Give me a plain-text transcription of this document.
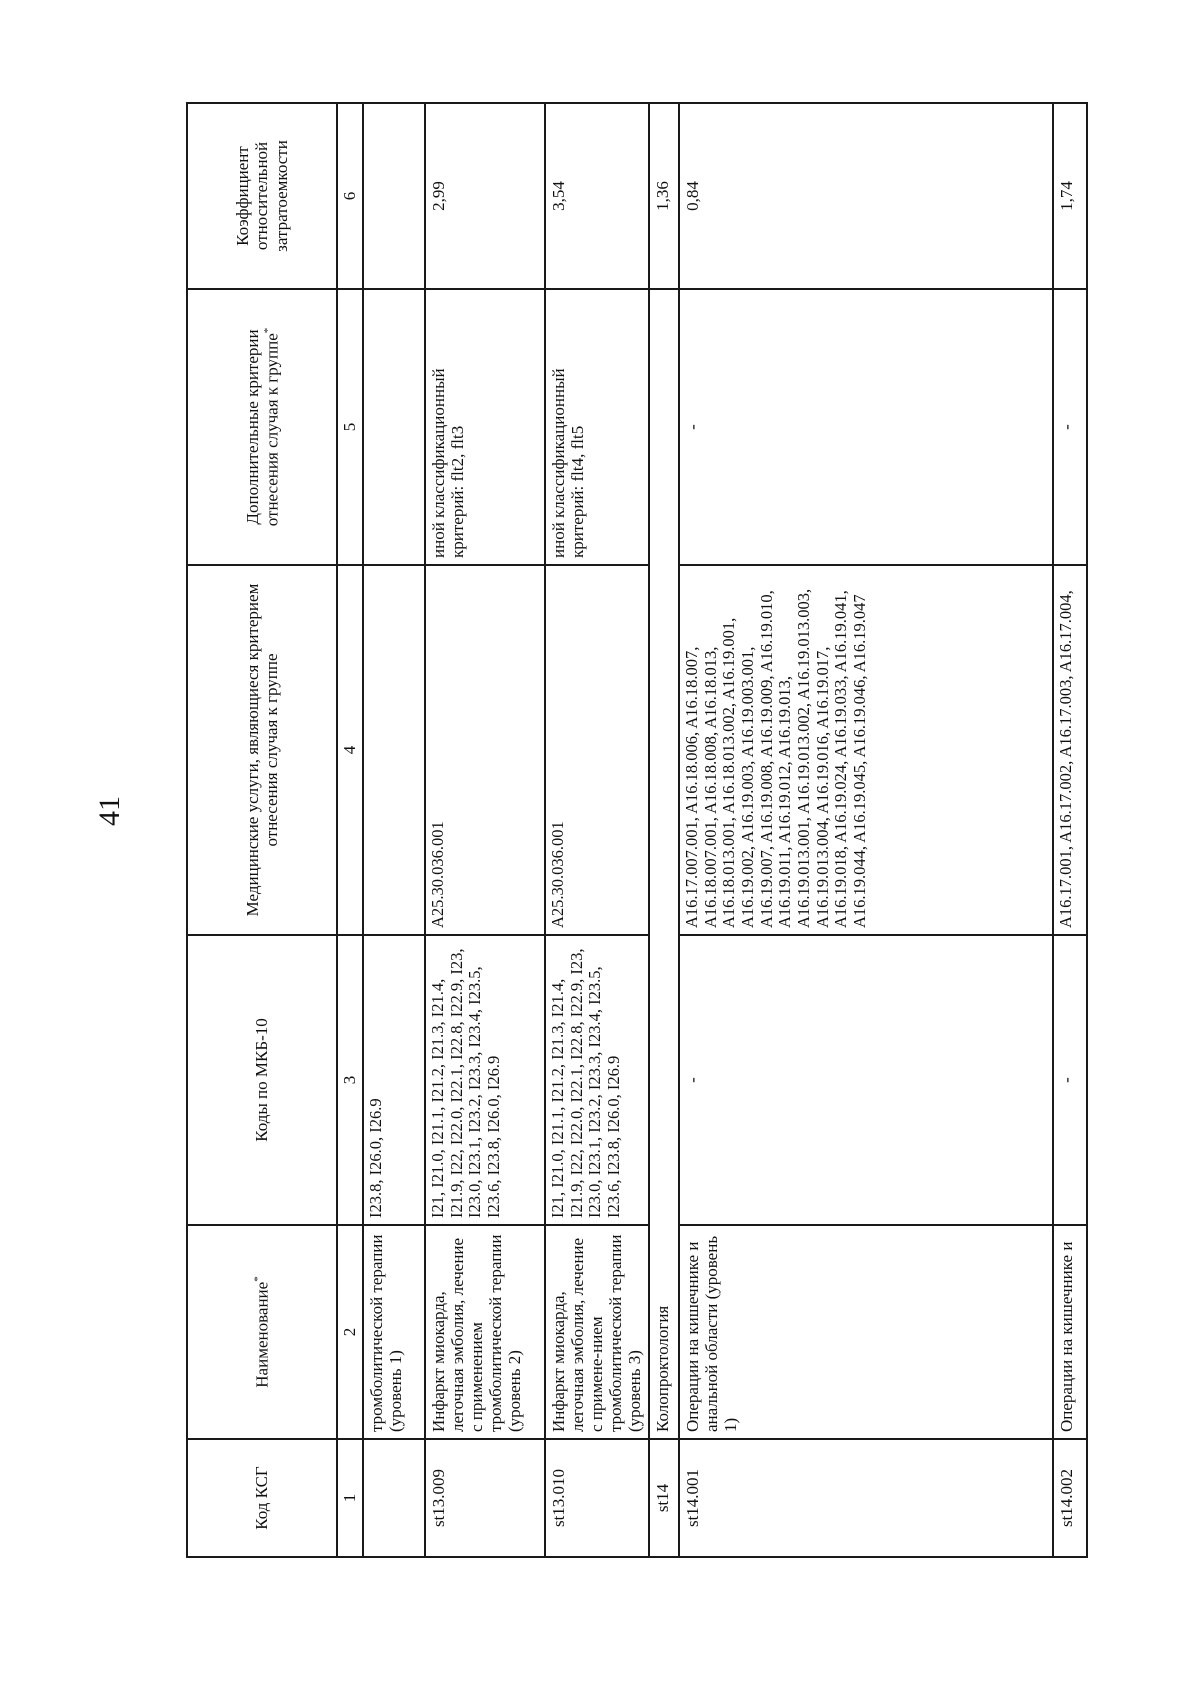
41
Код КСГ	Наименование*	Коды по МКБ-10	Медицинские услуги, являющиеся критерием отнесения случая к группе	Дополнительные критерии отнесения случая к группе*	Коэффициент относительной затратоемкости
1	2	3	4	5	6
	тромболитической терапии (уровень 1)	I23.8, I26.0, I26.9			
st13.009	Инфаркт миокарда, легочная эмболия, лечение с применением тромболитической терапии (уровень 2)	I21, I21.0, I21.1, I21.2, I21.3, I21.4, I21.9, I22, I22.0, I22.1, I22.8, I22.9, I23, I23.0, I23.1, I23.2, I23.3, I23.4, I23.5, I23.6, I23.8, I26.0, I26.9	A25.30.036.001	иной классификационный критерий: flt2, flt3	2,99
st13.010	Инфаркт миокарда, легочная эмболия, лечение с примене-нием тромболитической терапии (уровень 3)	I21, I21.0, I21.1, I21.2, I21.3, I21.4, I21.9, I22, I22.0, I22.1, I22.8, I22.9, I23, I23.0, I23.1, I23.2, I23.3, I23.4, I23.5, I23.6, I23.8, I26.0, I26.9	A25.30.036.001	иной классификационный критерий: flt4, flt5	3,54
st14	Колопроктология				1,36
st14.001	Операции на кишечнике и анальной области (уровень 1)	-	A16.17.007.001, A16.18.006, A16.18.007, A16.18.007.001, A16.18.008, A16.18.013, A16.18.013.001, A16.18.013.002, A16.19.001, A16.19.002, A16.19.003, A16.19.003.001, A16.19.007, A16.19.008, A16.19.009, A16.19.010, A16.19.011, A16.19.012, A16.19.013, A16.19.013.001, A16.19.013.002, A16.19.013.003, A16.19.013.004, A16.19.016, A16.19.017, A16.19.018, A16.19.024, A16.19.033, A16.19.041, A16.19.044, A16.19.045, A16.19.046, A16.19.047	-	0,84
st14.002	Операции на кишечнике и	-	A16.17.001, A16.17.002, A16.17.003, A16.17.004,	-	1,74
